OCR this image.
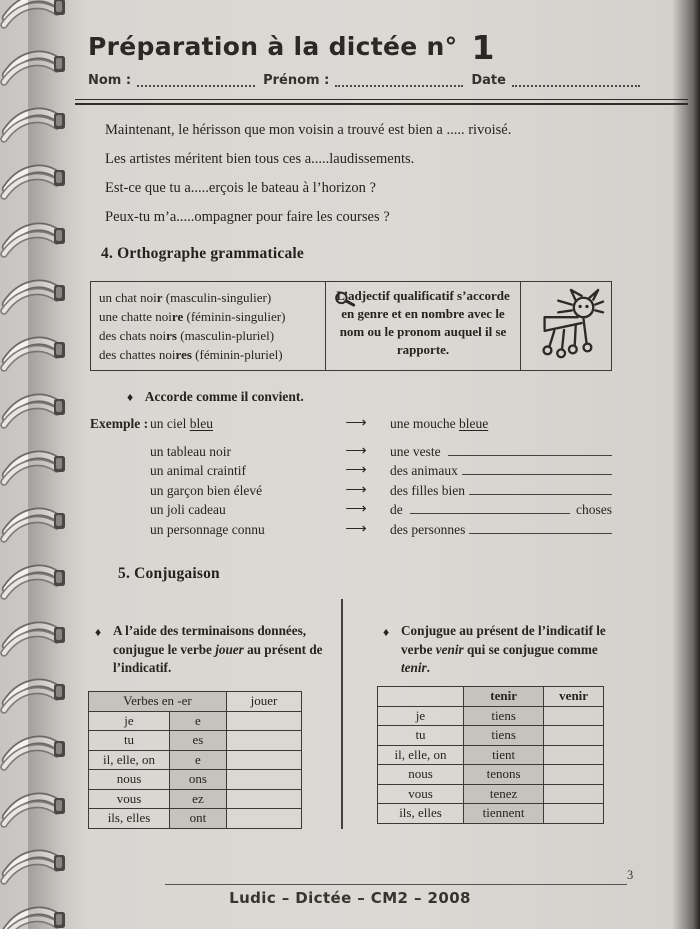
Préparation à la dictée n° 1
Nom :	Prénom :	Date
Maintenant, le hérisson que mon voisin a trouvé est bien a ..... rivoisé.
Les artistes méritent bien tous ces a.....laudissements.
Est-ce que tu a.....erçois le bateau à l’horizon ?
Peux-tu m’a.....ompagner pour faire les courses ?
4. Orthographe grammaticale
un chat noir (masculin-singulier)
une chatte noire (féminin-singulier)
des chats noirs (masculin-pluriel)
des chattes noires (féminin-pluriel)
L’adjectif qualificatif s’accorde en genre et en nombre avec le nom ou le pronom auquel il se rapporte.
♦ Accorde comme il convient.
Exemple : un ciel bleu	⟶	une mouche bleue
un tableau noir	⟶	une veste
un animal craintif	⟶	des animaux
un garçon bien élevé	⟶	des filles bien
un joli cadeau	⟶	de	choses
un personnage connu	⟶	des personnes
5. Conjugaison
♦ A l’aide des terminaisons données, conjugue le verbe jouer au présent de l’indicatif.
♦ Conjugue au présent de l’indicatif le verbe venir qui se conjugue comme tenir.
Verbes en -er		jouer
je	e	
tu	es	
il, elle, on	e	
nous	ons	
vous	ez	
ils, elles	ont	
	tenir	venir
je	tiens	
tu	tiens	
il, elle, on	tient	
nous	tenons	
vous	tenez	
ils, elles	tiennent	
3
Ludic – Dictée – CM2 – 2008
